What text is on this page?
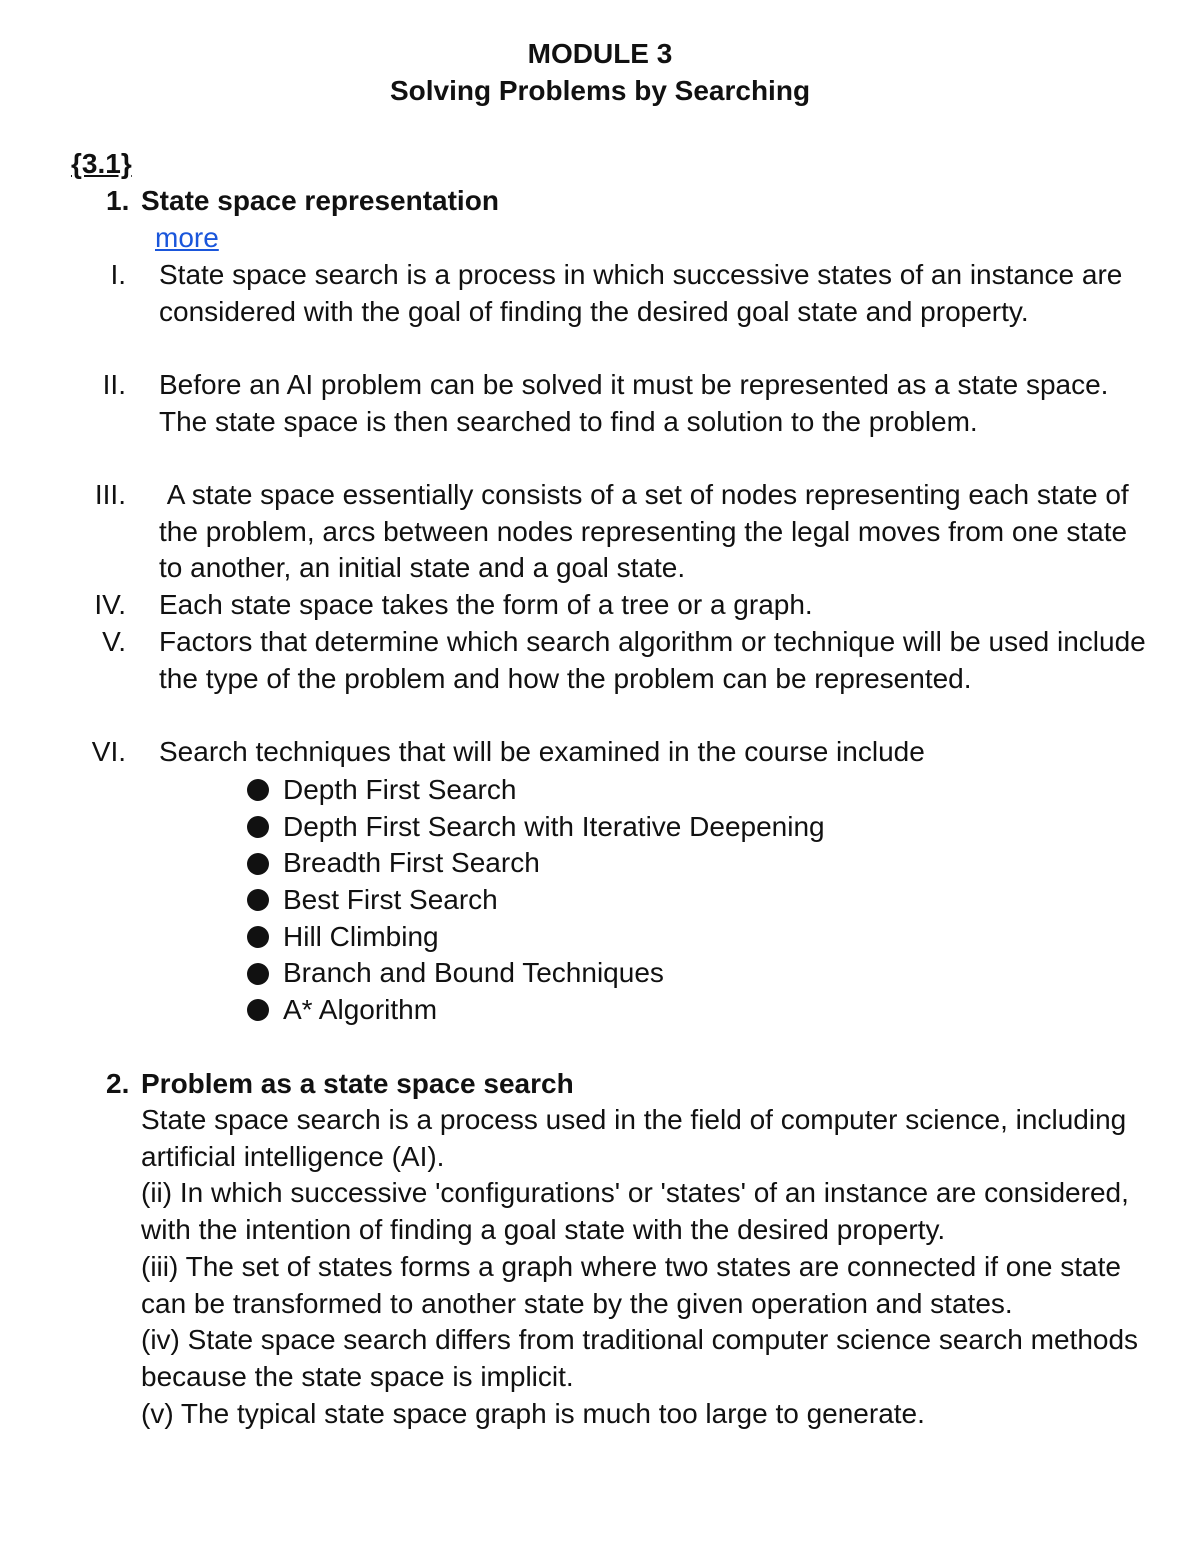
MODULE 3
Solving Problems by Searching
{3.1}
1. State space representation
more
I. State space search is a process in which successive states of an instance are considered with the goal of finding the desired goal state and property.
II. Before an AI problem can be solved it must be represented as a state space. The state space is then searched to find a solution to the problem.
III. A state space essentially consists of a set of nodes representing each state of the problem, arcs between nodes representing the legal moves from one state to another, an initial state and a goal state.
IV. Each state space takes the form of a tree or a graph.
V. Factors that determine which search algorithm or technique will be used include the type of the problem and how the problem can be represented.
VI. Search techniques that will be examined in the course include
Depth First Search
Depth First Search with Iterative Deepening
Breadth First Search
Best First Search
Hill Climbing
Branch and Bound Techniques
A* Algorithm
2. Problem as a state space search

State space search is a process used in the field of computer science, including artificial intelligence (AI).

(ii) In which successive 'configurations' or 'states' of an instance are considered, with the intention of finding a goal state with the desired property.

(iii) The set of states forms a graph where two states are connected if one state can be transformed to another state by the given operation and states.

(iv) State space search differs from traditional computer science search methods because the state space is implicit.

(v) The typical state space graph is much too large to generate.
